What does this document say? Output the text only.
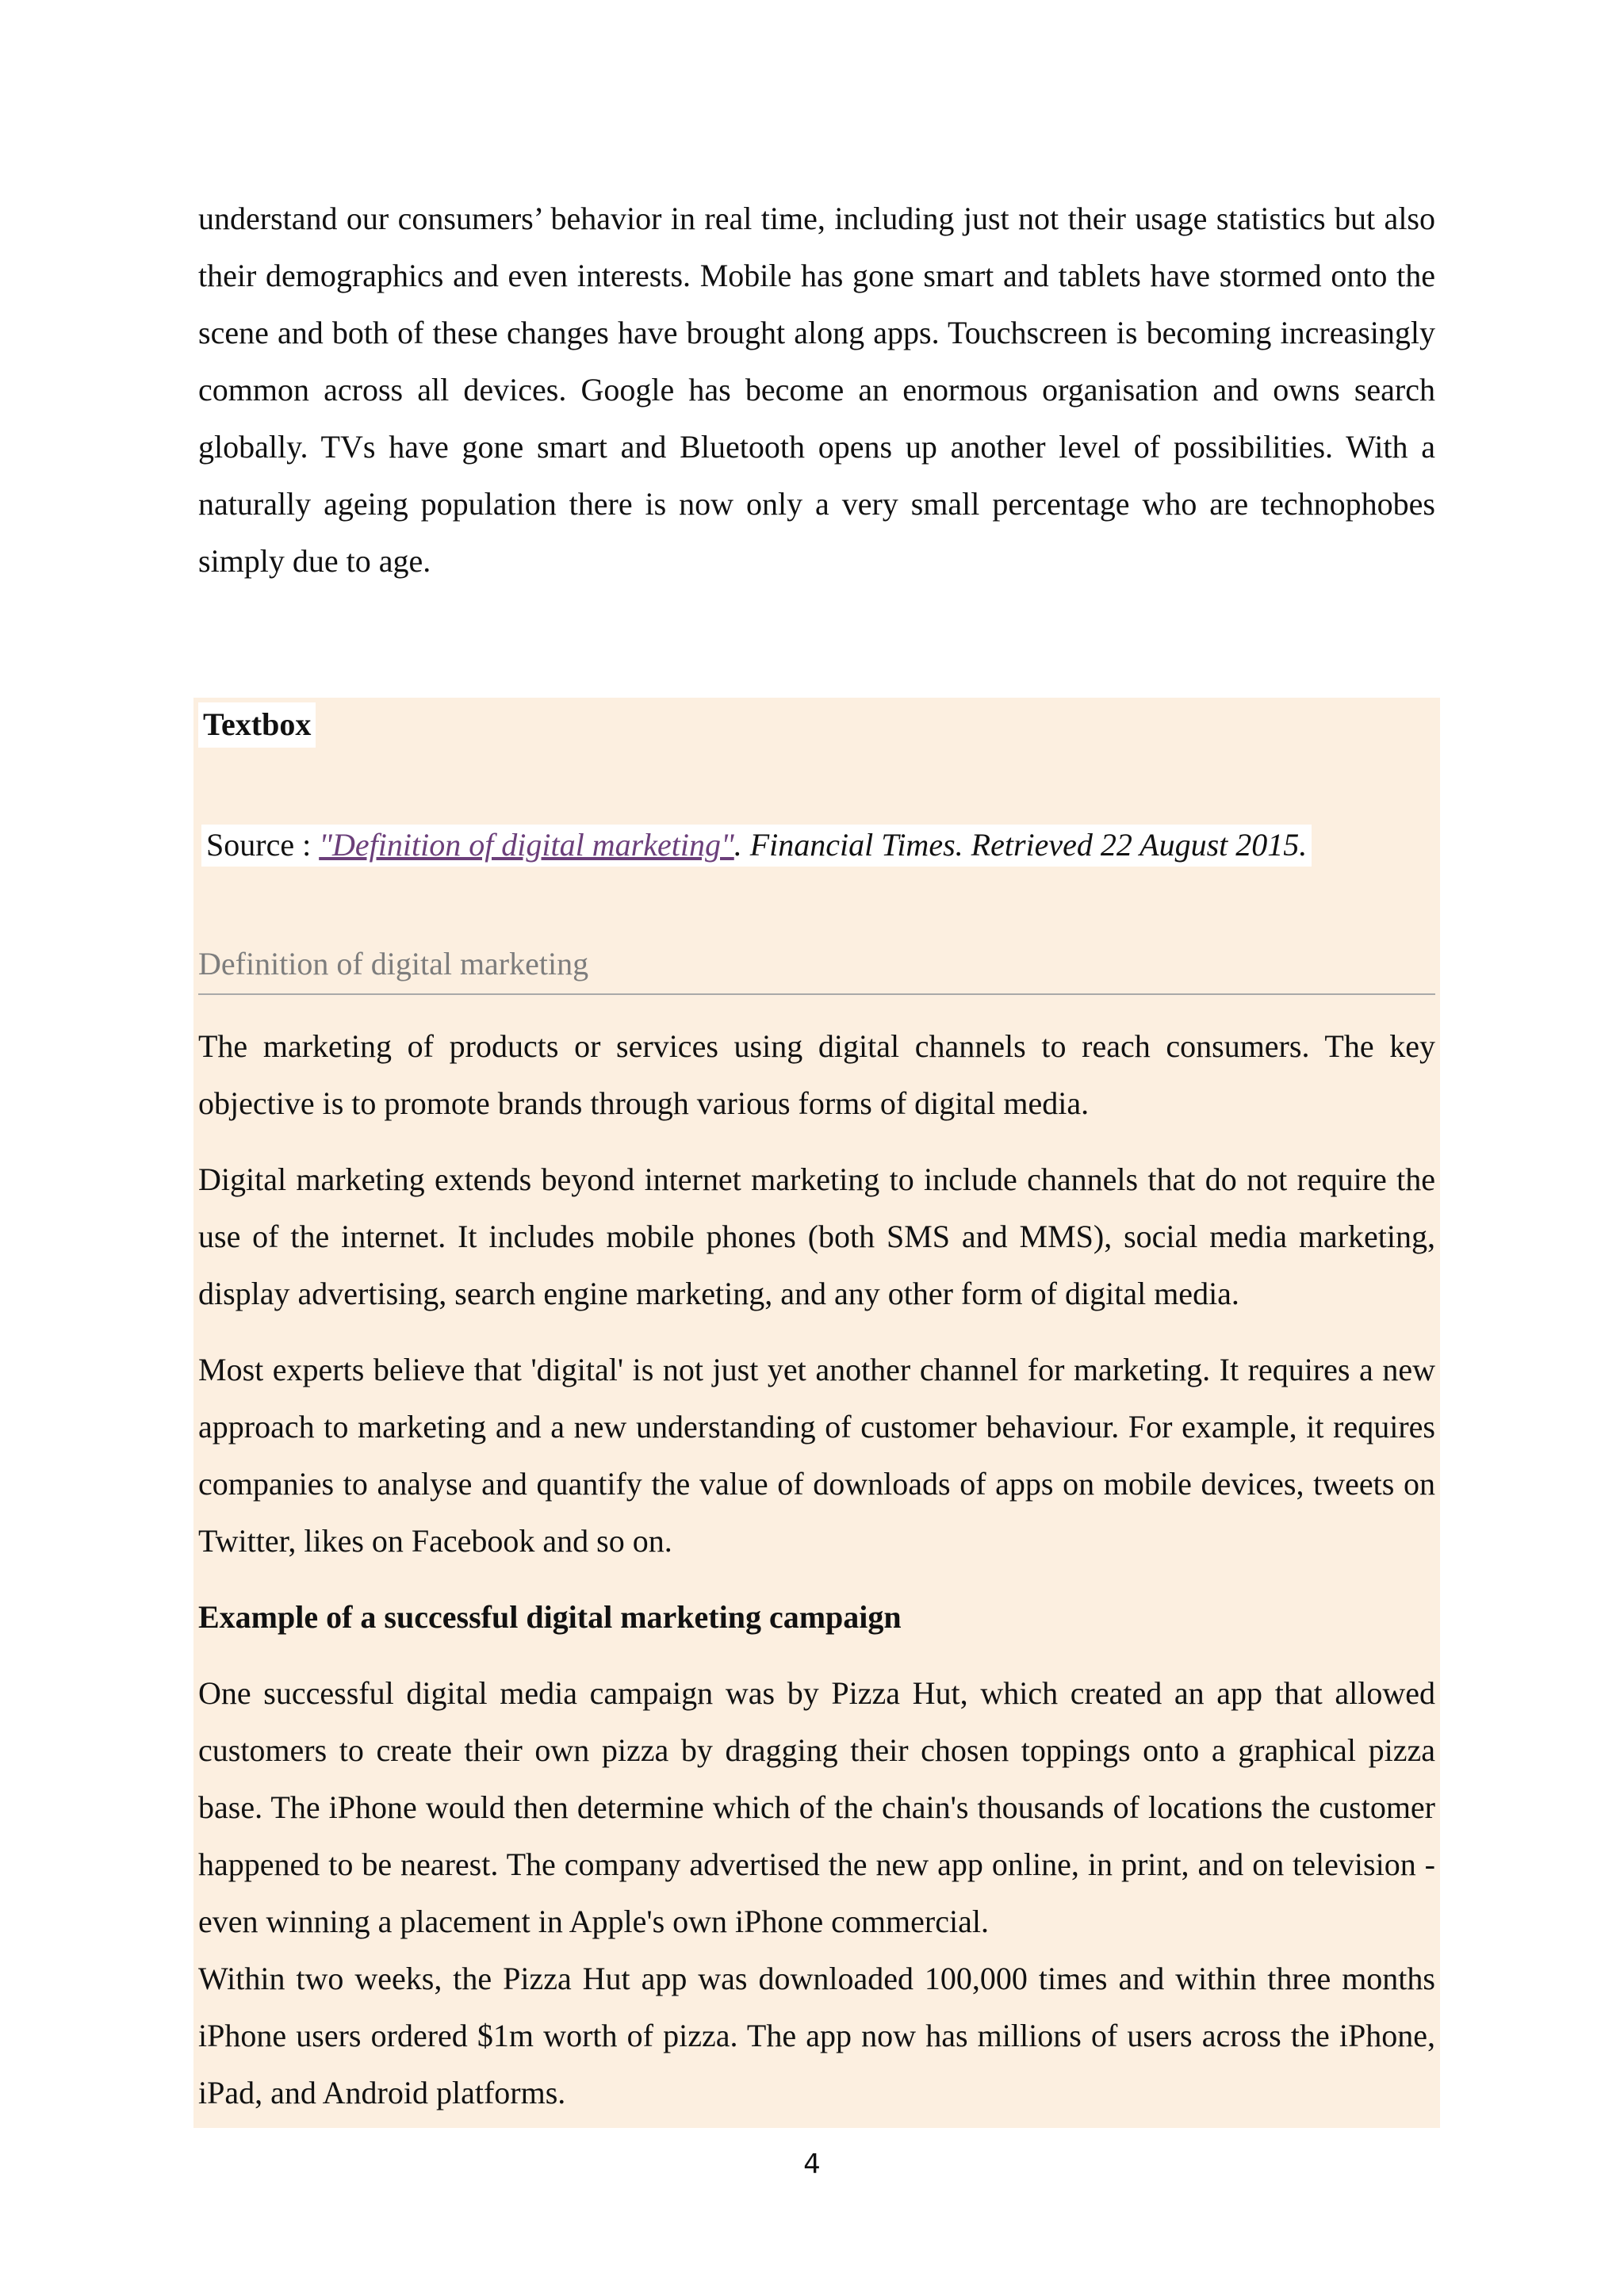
understand our consumers’ behavior in real time, including just not their usage statistics but also their demographics and even interests. Mobile has gone smart and tablets have stormed onto the scene and both of these changes have brought along apps. Touchscreen is becoming increasingly common across all devices. Google has become an enormous organisation and owns search globally. TVs have gone smart and Bluetooth opens up another level of possibilities. With a naturally ageing population there is now only a very small percentage who are technophobes simply due to age.

Textbox

Source : "Definition of digital marketing". Financial Times. Retrieved 22 August 2015.

Definition of digital marketing

The marketing of products or services using digital channels to reach consumers. The key objective is to promote brands through various forms of digital media.

Digital marketing extends beyond internet marketing to include channels that do not require the use of the internet. It includes mobile phones (both SMS and MMS), social media marketing, display advertising, search engine marketing, and any other form of digital media.

Most experts believe that 'digital' is not just yet another channel for marketing. It requires a new approach to marketing and a new understanding of customer behaviour. For example, it requires companies to analyse and quantify the value of downloads of apps on mobile devices, tweets on Twitter, likes on Facebook and so on.

Example of a successful digital marketing campaign

One successful digital media campaign was by Pizza Hut, which created an app that allowed customers to create their own pizza by dragging their chosen toppings onto a graphical pizza base. The iPhone would then determine which of the chain's thousands of locations the customer happened to be nearest. The company advertised the new app online, in print, and on television - even winning a placement in Apple's own iPhone commercial.

Within two weeks, the Pizza Hut app was downloaded 100,000 times and within three months iPhone users ordered $1m worth of pizza. The app now has millions of users across the iPhone, iPad, and Android platforms.

4
